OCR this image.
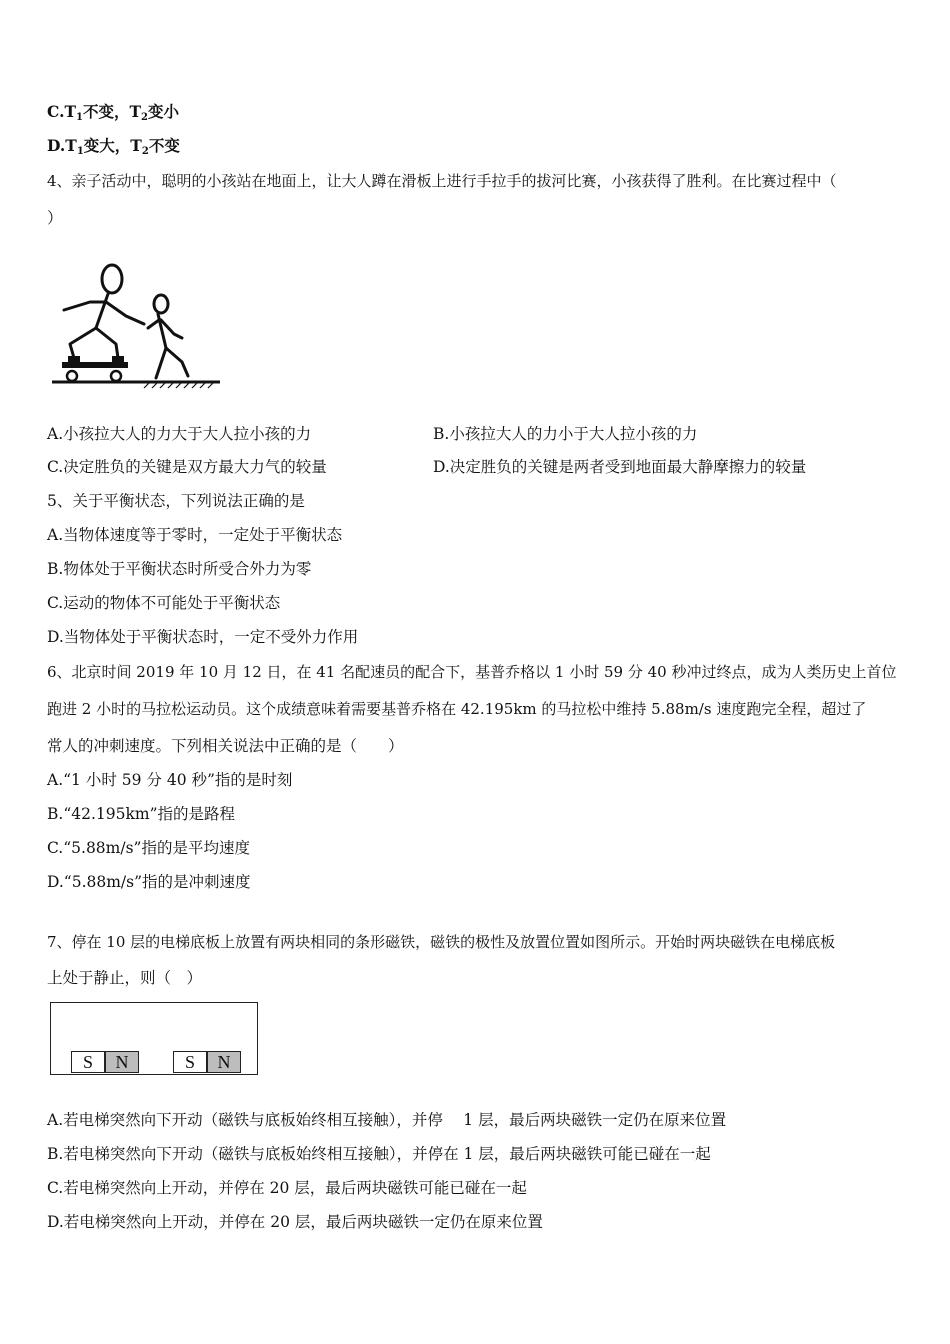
$C.T_1$不变，$T_2$变小
$D.T_1$变大，$T_2$不变
4、亲子活动中，聪明的小孩站在地面上，让大人蹲在滑板上进行手拉手的拔河比赛，小孩获得了胜利。在比赛过程中（
）
A.小孩拉大人的力大于大人拉小孩的力	B.小孩拉大人的力小于大人拉小孩的力
C.决定胜负的关键是双方最大力气的较量	D.决定胜负的关键是两者受到地面最大静摩擦力的较量
5、关于平衡状态，下列说法正确的是
A.当物体速度等于零时，一定处于平衡状态
B.物体处于平衡状态时所受合外力为零
C.运动的物体不可能处于平衡状态
D.当物体处于平衡状态时，一定不受外力作用
6、北京时间 2019 年 10 月 12 日，在 41 名配速员的配合下，基普乔格以 1 小时 59 分 40 秒冲过终点，成为人类历史上首位
跑进 2 小时的马拉松运动员。这个成绩意味着需要基普乔格在 42.195km 的马拉松中维持 5.88m/s 速度跑完全程，超过了
常人的冲刺速度。下列相关说法中正确的是（　　）
A.“1 小时 59 分 40 秒”指的是时刻
B.“42.195km”指的是路程
C.“5.88m/s”指的是平均速度
D.“5.88m/s”指的是冲刺速度
7、停在 10 层的电梯底板上放置有两块相同的条形磁铁，磁铁的极性及放置位置如图所示。开始时两块磁铁在电梯底板
上处于静止，则（　）
S	N	S	N
A.若电梯突然向下开动（磁铁与底板始终相互接触），并停　 1 层，最后两块磁铁一定仍在原来位置
B.若电梯突然向下开动（磁铁与底板始终相互接触），并停在 1 层，最后两块磁铁可能已碰在一起
C.若电梯突然向上开动，并停在 20 层，最后两块磁铁可能已碰在一起
D.若电梯突然向上开动，并停在 20 层，最后两块磁铁一定仍在原来位置
